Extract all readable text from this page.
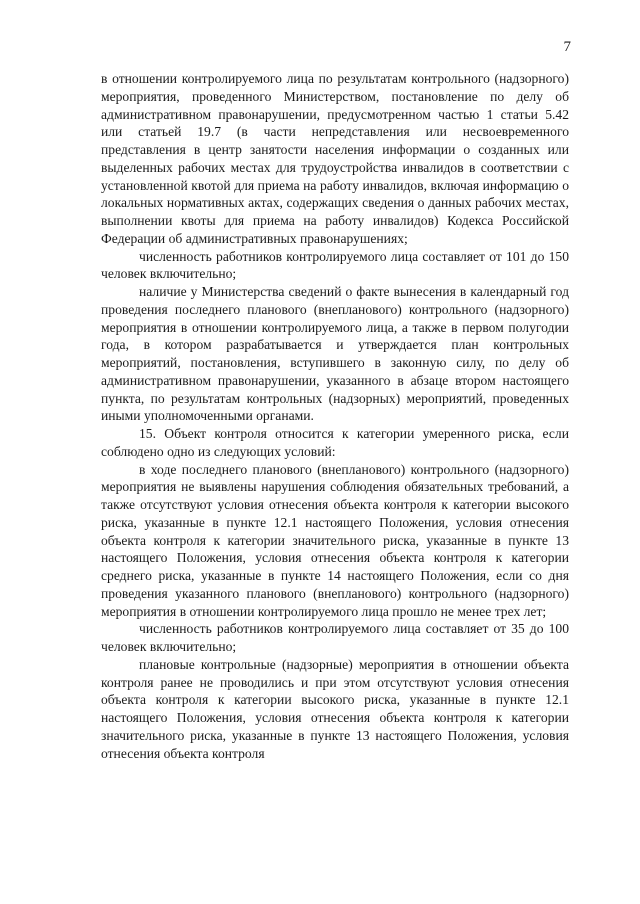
7

в отношении контролируемого лица по результатам контрольного (надзорного) мероприятия, проведенного Министерством, постановление по делу об административном правонарушении, предусмотренном частью 1 статьи 5.42 или статьей 19.7 (в части непредставления или несвоевременного представления в центр занятости населения информации о созданных или выделенных рабочих местах для трудоустройства инвалидов в соответствии с установленной квотой для приема на работу инвалидов, включая информацию о локальных нормативных актах, содержащих сведения о данных рабочих местах, выполнении квоты для приема на работу инвалидов) Кодекса Российской Федерации об административных правонарушениях;

численность работников контролируемого лица составляет от 101 до 150 человек включительно;

наличие у Министерства сведений о факте вынесения в календарный год проведения последнего планового (внепланового) контрольного (надзорного) мероприятия в отношении контролируемого лица, а также в первом полугодии года, в котором разрабатывается и утверждается план контрольных мероприятий, постановления, вступившего в законную силу, по делу об административном правонарушении, указанного в абзаце втором настоящего пункта, по результатам контрольных (надзорных) мероприятий, проведенных иными уполномоченными органами.

15. Объект контроля относится к категории умеренного риска, если соблюдено одно из следующих условий:

в ходе последнего планового (внепланового) контрольного (надзорного) мероприятия не выявлены нарушения соблюдения обязательных требований, а также отсутствуют условия отнесения объекта контроля к категории высокого риска, указанные в пункте 12.1 настоящего Положения, условия отнесения объекта контроля к категории значительного риска, указанные в пункте 13 настоящего Положения, условия отнесения объекта контроля к категории среднего риска, указанные в пункте 14 настоящего Положения, если со дня проведения указанного планового (внепланового) контрольного (надзорного) мероприятия в отношении контролируемого лица прошло не менее трех лет;

численность работников контролируемого лица составляет от 35 до 100 человек включительно;

плановые контрольные (надзорные) мероприятия в отношении объекта контроля ранее не проводились и при этом отсутствуют условия отнесения объекта контроля к категории высокого риска, указанные в пункте 12.1 настоящего Положения, условия отнесения объекта контроля к категории значительного риска, указанные в пункте 13 настоящего Положения, условия отнесения объекта контроля
